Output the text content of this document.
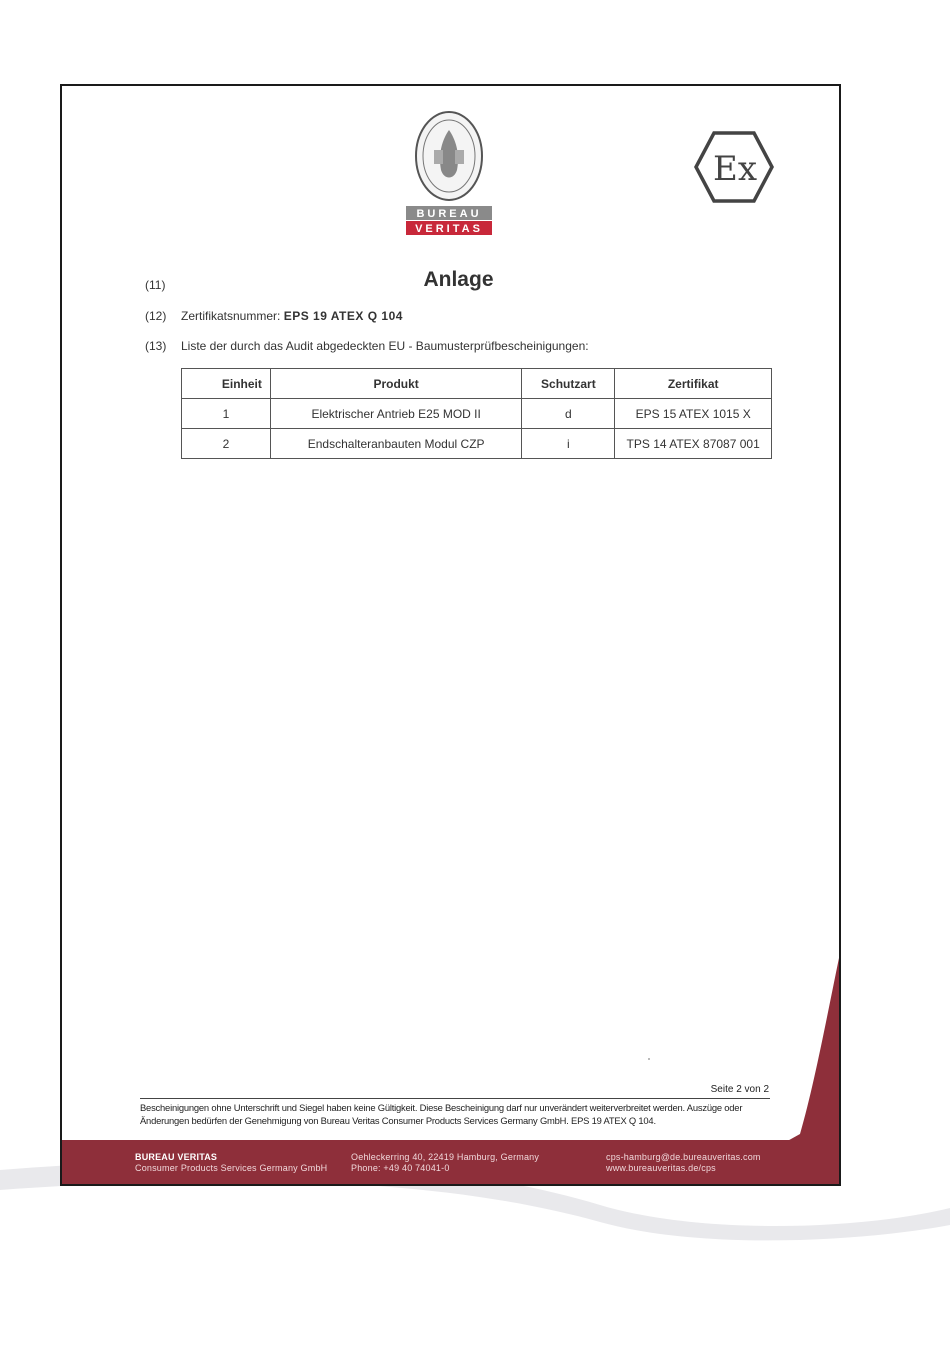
BUREAU
VERITAS
Ex
(11)	Anlage
(12) Zertifikatsnummer: EPS 19 ATEX Q 104
(13) Liste der durch das Audit abgedeckten EU - Baumusterprüfbescheinigungen:
Einheit	Produkt	Schutzart	Zertifikat
1	Elektrischer Antrieb E25 MOD II	d	EPS 15 ATEX 1015 X
2	Endschalteranbauten Modul CZP	i	TPS 14 ATEX 87087 001
Seite 2 von 2
Bescheinigungen ohne Unterschrift und Siegel haben keine Gültigkeit. Diese Bescheinigung darf nur unverändert weiterverbreitet werden. Auszüge oder Änderungen bedürfen der Genehmigung von Bureau Veritas Consumer Products Services Germany GmbH. EPS 19 ATEX Q 104.
BUREAU VERITAS
Consumer Products Services Germany GmbH
Oehleckerring 40, 22419 Hamburg, Germany
Phone: +49 40 74041-0
cps-hamburg@de.bureauveritas.com
www.bureauveritas.de/cps
